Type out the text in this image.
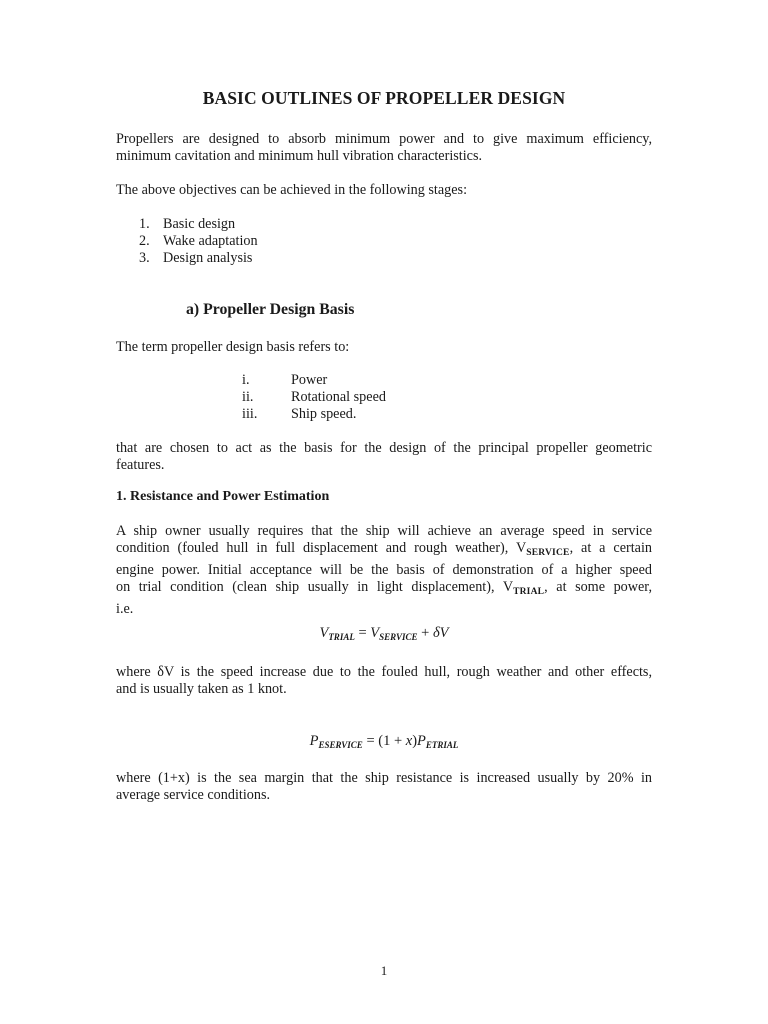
BASIC OUTLINES OF PROPELLER DESIGN
Propellers are designed to absorb minimum power and to give maximum efficiency,
minimum cavitation and minimum hull vibration characteristics.

The above objectives can be achieved in the following stages:

1. Basic design
2. Wake adaptation
3. Design analysis
a) Propeller Design Basis

The term propeller design basis refers to:

i.	Power
ii.	Rotational speed
iii. Ship speed.
that are chosen to act as the basis for the design of the principal propeller geometric
features.
1. Resistance and Power Estimation
A ship owner usually requires that the ship will achieve an average speed in service
condition (fouled hull in full displacement and rough weather), $V_{SERVICE}$, at a certain
engine power. Initial acceptance will be the basis of demonstration of a higher speed
on trial condition (clean ship usually in light displacement), $V_{TRIAL}$, at some power,
i.e.
$V_{TRIAL} = V_{SERVICE} + \delta V$
where δV is the speed increase due to the fouled hull, rough weather and other effects,
and is usually taken as 1 knot.
$P_{ESERVICE} = (1 + x)P_{ETRIAL}$
where (1+x) is the sea margin that the ship resistance is increased usually by 20% in
average service conditions.
1
